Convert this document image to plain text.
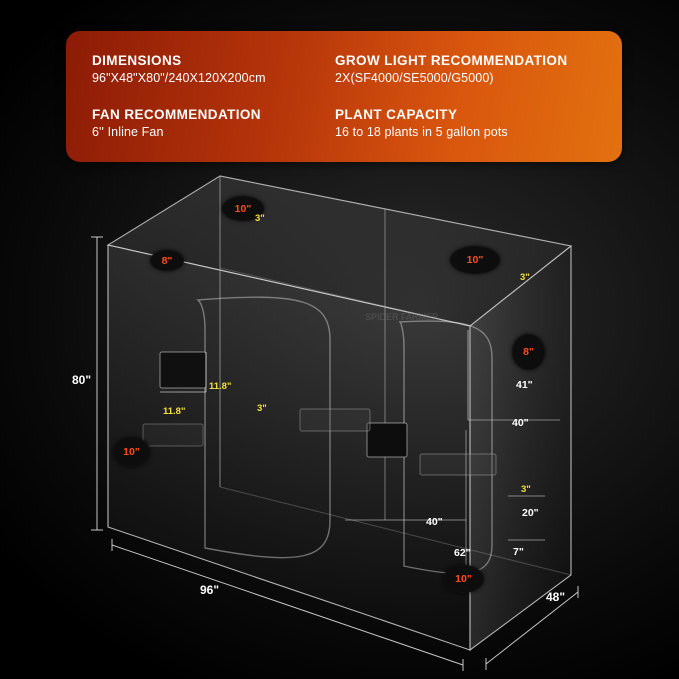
DIMENSIONS

96"X48"X80"/240X120X200cm

GROW LIGHT RECOMMENDATION

2X(SF4000/SE5000/G5000)

FAN RECOMMENDATION

6'' Inline Fan

PLANT CAPACITY

16 to 18 plants in 5 gallon pots

SPIDER FARMER
10"
8"	10"
8"
10"
10"
3"
3"
11.8"
11.8"	3"
3"
80"
96"	48"
41"
40"
40"
62"
20"
7"
